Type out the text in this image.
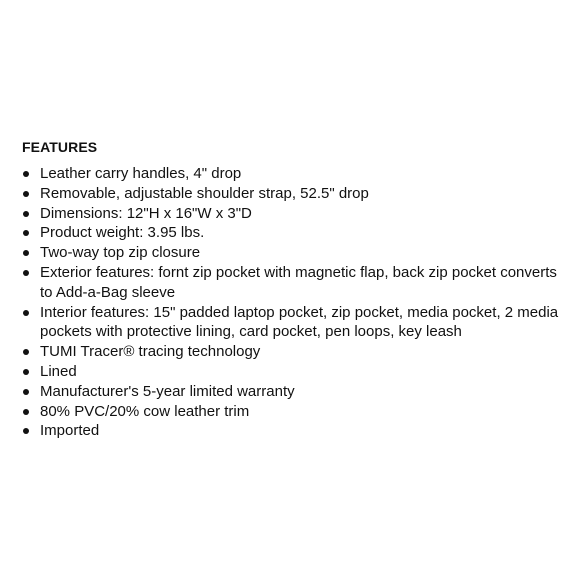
FEATURES
Leather carry handles, 4" drop
Removable, adjustable shoulder strap, 52.5" drop
Dimensions: 12"H x 16"W x 3"D
Product weight: 3.95 lbs.
Two-way top zip closure
Exterior features: fornt zip pocket with magnetic flap, back zip pocket converts to Add-a-Bag sleeve
Interior features: 15" padded laptop pocket, zip pocket, media pocket, 2 media pockets with protective lining, card pocket, pen loops, key leash
TUMI Tracer® tracing technology
Lined
Manufacturer's 5-year limited warranty
80% PVC/20% cow leather trim
Imported
